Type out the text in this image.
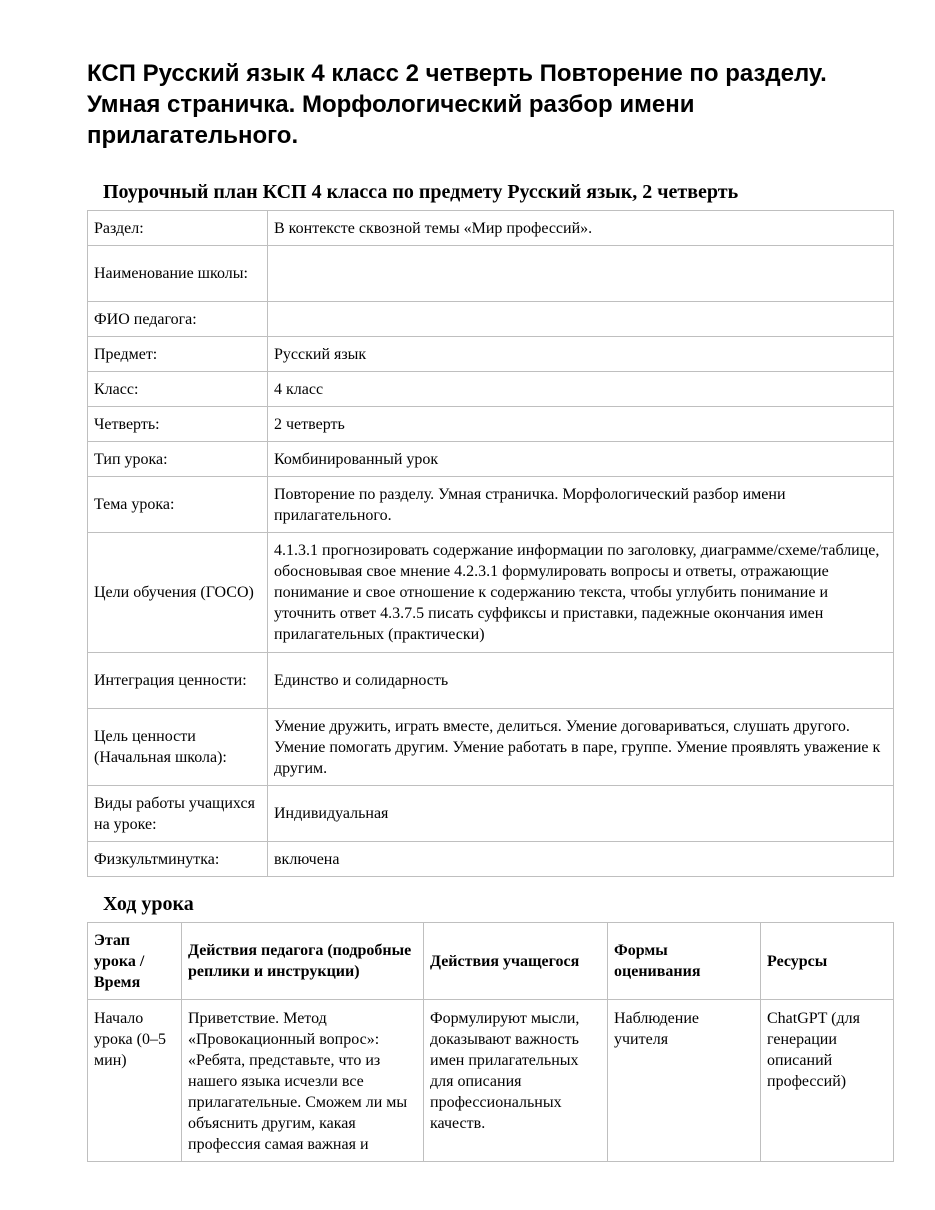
КСП Русский язык 4 класс 2 четверть Повторение по разделу. Умная страничка. Морфологический разбор имени прилагательного.
Поурочный план КСП 4 класса по предмету Русский язык, 2 четверть
Раздел:	В контексте сквозной темы «Мир профессий».
Наименование школы:	
ФИО педагога:	
Предмет:	Русский язык
Класс:	4 класс
Четверть:	2 четверть
Тип урока:	Комбинированный урок
Тема урока:	Повторение по разделу. Умная страничка. Морфологический разбор имени прилагательного.
Цели обучения (ГОСО)	4.1.3.1 прогнозировать содержание информации по заголовку, диаграмме/схеме/таблице, обосновывая свое мнение 4.2.3.1 формулировать вопросы и ответы, отражающие понимание и свое отношение к содержанию текста, чтобы углубить понимание и уточнить ответ 4.3.7.5 писать суффиксы и приставки, падежные окончания имен прилагательных (практически)
Интеграция ценности:	Единство и солидарность
Цель ценности (Начальная школа):	Умение дружить, играть вместе, делиться. Умение договариваться, слушать другого. Умение помогать другим. Умение работать в паре, группе. Умение проявлять уважение к другим.
Виды работы учащихся на уроке:	Индивидуальная
Физкультминутка:	включена
Ход урока
Этап урока / Время	Действия педагога (подробные реплики и инструкции)	Действия учащегося	Формы оценивания	Ресурсы
Начало урока (0–5 мин)	Приветствие. Метод «Провокационный вопрос»: «Ребята, представьте, что из нашего языка исчезли все прилагательные. Сможем ли мы объяснить другим, какая профессия самая важная и	Формулируют мысли, доказывают важность имен прилагательных для описания профессиональных качеств.	Наблюдение учителя	ChatGPT (для генерации описаний профессий)
